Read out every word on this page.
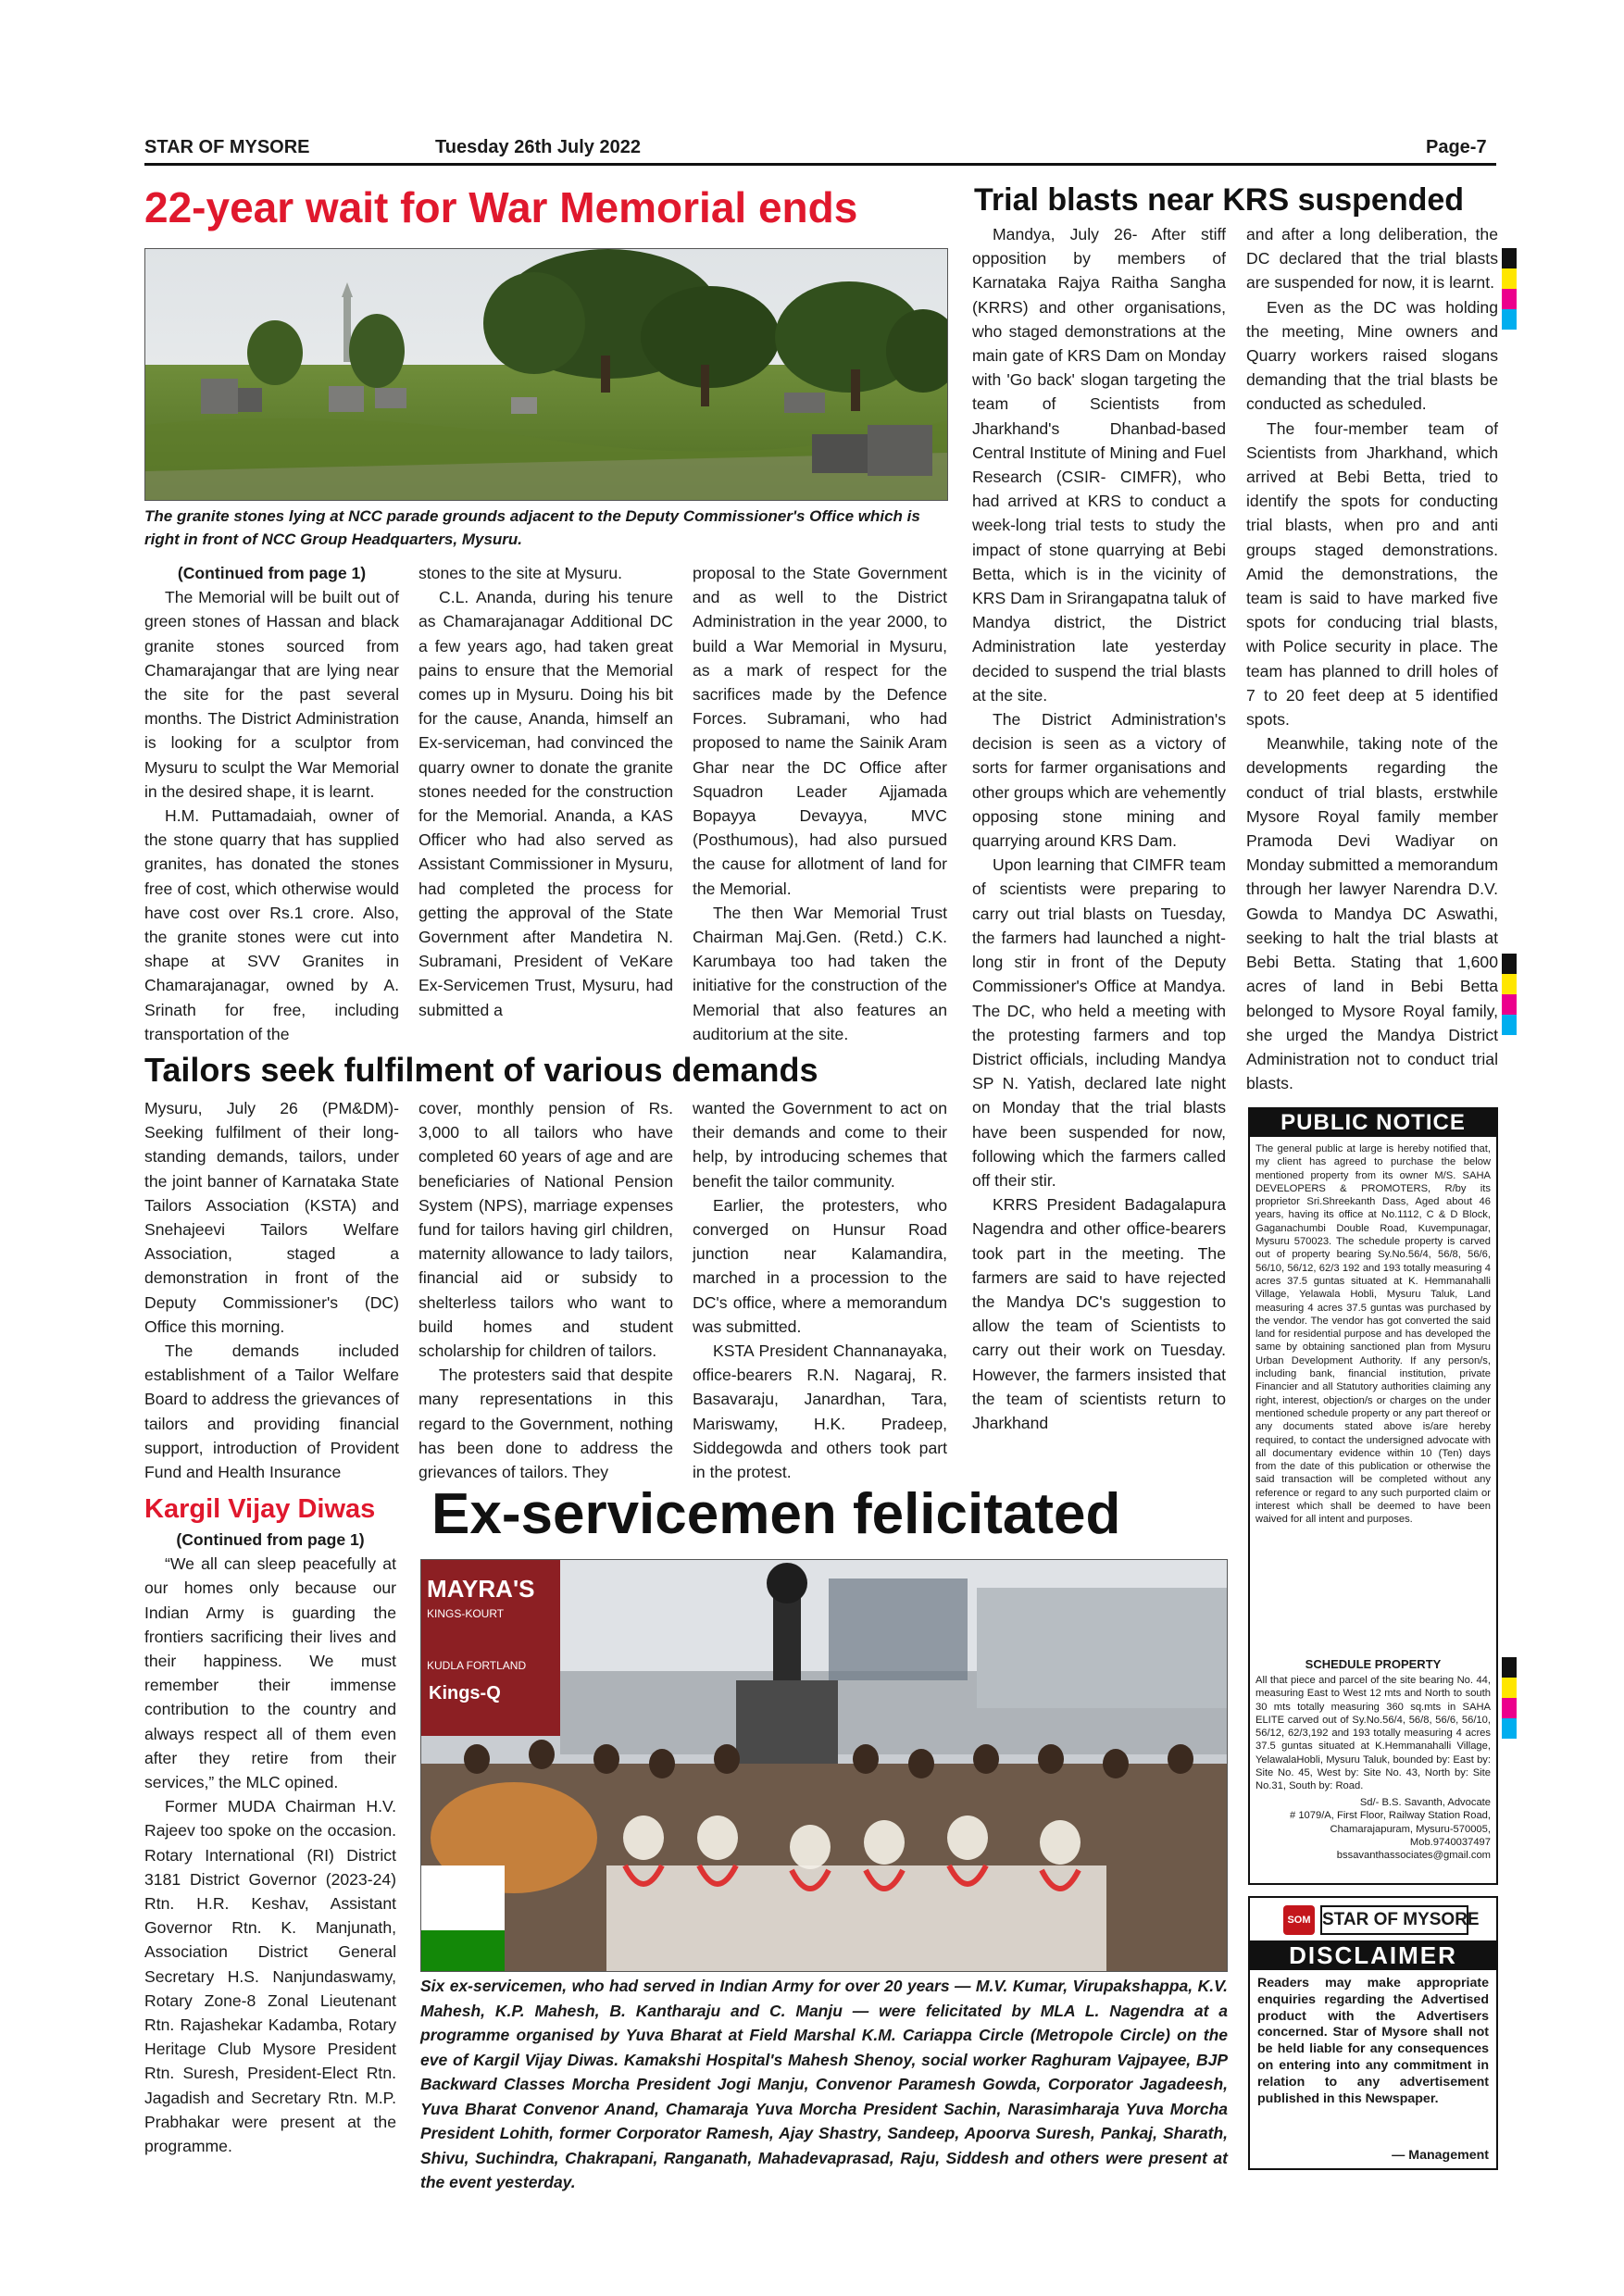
STAR OF MYSORE	Tuesday 26th July 2022	Page-7
22-year wait for War Memorial ends
The granite stones lying at NCC parade grounds adjacent to the Deputy Commissioner's Office which is right in front of NCC Group Headquarters, Mysuru.

(Continued from page 1)

The Memorial will be built out of green stones of Hassan and black granite stones sourced from Chamarajangar that are lying near the site for the past several months. The District Administration is looking for a sculptor from Mysuru to sculpt the War Memorial in the desired shape, it is learnt.

H.M. Puttamadaiah, owner of the stone quarry that has supplied granites, has donated the stones free of cost, which otherwise would have cost over Rs.1 crore. Also, the granite stones were cut into shape at SVV Granites in Chamarajanagar, owned by A. Srinath for free, including transportation of the

stones to the site at Mysuru.

C.L. Ananda, during his tenure as Chamarajanagar Additional DC a few years ago, had taken great pains to ensure that the Memorial comes up in Mysuru. Doing his bit for the cause, Ananda, himself an Ex-serviceman, had convinced the quarry owner to donate the granite stones needed for the construction for the Memorial. Ananda, a KAS Officer who had also served as Assistant Commissioner in Mysuru, had completed the process for getting the approval of the State Government after Mandetira N. Subramani, President of VeKare Ex-Servicemen Trust, Mysuru, had submitted a

proposal to the State Government and as well to the District Administration in the year 2000, to build a War Memorial in Mysuru, as a mark of respect for the sacrifices made by the Defence Forces. Subramani, who had proposed to name the Sainik Aram Ghar near the DC Office after Squadron Leader Ajjamada Bopayya Devayya, MVC (Posthumous), had also pursued the cause for allotment of land for the Memorial.

The then War Memorial Trust Chairman Maj.Gen. (Retd.) C.K. Karumbaya too had taken the initiative for the construction of the Memorial that also features an auditorium at the site.

Tailors seek fulfilment of various demands

Mysuru, July 26 (PM&DM)- Seeking fulfilment of their long-standing demands, tailors, under the joint banner of Karnataka State Tailors Association (KSTA) and Snehajeevi Tailors Welfare Association, staged a demonstration in front of the Deputy Commissioner's (DC) Office this morning.

The demands included establishment of a Tailor Welfare Board to address the grievances of tailors and providing financial support, introduction of Provident Fund and Health Insurance

cover, monthly pension of Rs. 3,000 to all tailors who have completed 60 years of age and are beneficiaries of National Pension System (NPS), marriage expenses fund for tailors having girl children, maternity allowance to lady tailors, financial aid or subsidy to shelterless tailors who want to build homes and student scholarship for children of tailors.

The protesters said that despite many representations in this regard to the Government, nothing has been done to address the grievances of tailors. They

wanted the Government to act on their demands and come to their help, by introducing schemes that benefit the tailor community.

Earlier, the protesters, who converged on Hunsur Road junction near Kalamandira, marched in a procession to the DC's office, where a memorandum was submitted.

KSTA President Channanayaka, office-bearers R.N. Nagaraj, R. Basavaraju, Janardhan, Tara, Mariswamy, H.K. Pradeep, Siddegowda and others took part in the protest.

Kargil Vijay Diwas

(Continued from page 1)

“We all can sleep peacefully at our homes only because our Indian Army is guarding the frontiers sacrificing their lives and their happiness. We must remember their immense contribution to the country and always respect all of them even after they retire from their services,” the MLC opined.

Former MUDA Chairman H.V. Rajeev too spoke on the occasion. Rotary International (RI) District 3181 District Governor (2023-24) Rtn. H.R. Keshav, Assistant Governor Rtn. K. Manjunath, Association District General Secretary H.S. Nanjundaswamy, Rotary Zone-8 Zonal Lieutenant Rtn. Rajashekar Kadamba, Rotary Heritage Club Mysore President Rtn. Suresh, President-Elect Rtn. Jagadish and Secretary Rtn. M.P. Prabhakar were present at the programme.

Trial blasts near KRS suspended

Mandya, July 26- After stiff opposition by members of Karnataka Rajya Raitha Sangha (KRRS) and other organisations, who staged demonstrations at the main gate of KRS Dam on Monday with 'Go back' slogan targeting the team of Scientists from Jharkhand's Dhanbad-based Central Institute of Mining and Fuel Research (CSIR- CIMFR), who had arrived at KRS to conduct a week-long trial tests to study the impact of stone quarrying at Bebi Betta, which is in the vicinity of KRS Dam in Srirangapatna taluk of Mandya district, the District Administration late yesterday decided to suspend the trial blasts at the site.

The District Administration's decision is seen as a victory of sorts for farmer organisations and other groups which are vehemently opposing stone mining and quarrying around KRS Dam.

Upon learning that CIMFR team of scientists were preparing to carry out trial blasts on Tuesday, the farmers had launched a night-long stir in front of the Deputy Commissioner's Office at Mandya. The DC, who held a meeting with the protesting farmers and top District officials, including Mandya SP N. Yatish, declared late night on Monday that the trial blasts have been suspended for now, following which the farmers called off their stir.

KRRS President Badagalapura Nagendra and other office-bearers took part in the meeting. The farmers are said to have rejected the Mandya DC's suggestion to allow the team of Scientists to carry out their work on Tuesday. However, the farmers insisted that the team of scientists return to Jharkhand

and after a long deliberation, the DC declared that the trial blasts are suspended for now, it is learnt.

Even as the DC was holding the meeting, Mine owners and Quarry workers raised slogans demanding that the trial blasts be conducted as scheduled.

The four-member team of Scientists from Jharkhand, which arrived at Bebi Betta, tried to identify the spots for conducting trial blasts, when pro and anti groups staged demonstrations. Amid the demonstrations, the team is said to have marked five spots for conducing trial blasts, with Police security in place. The team has planned to drill holes of 7 to 20 feet deep at 5 identified spots.

Meanwhile, taking note of the developments regarding the conduct of trial blasts, erstwhile Mysore Royal family member Pramoda Devi Wadiyar on Monday submitted a memorandum through her lawyer Narendra D.V. Gowda to Mandya DC Aswathi, seeking to halt the trial blasts at Bebi Betta. Stating that 1,600 acres of land in Bebi Betta belonged to Mysore Royal family, she urged the Mandya District Administration not to conduct trial blasts.

Ex-servicemen felicitated
MAYRA'S
KINGS-KOURT
KUDLA FORTLAND
Kings-Q
Six ex-servicemen, who had served in Indian Army for over 20 years — M.V. Kumar, Virupakshappa, K.V. Mahesh, K.P. Mahesh, B. Kantharaju and C. Manju — were felicitated by MLA L. Nagendra at a programme organised by Yuva Bharat at Field Marshal K.M. Cariappa Circle (Metropole Circle) on the eve of Kargil Vijay Diwas. Kamakshi Hospital's Mahesh Shenoy, social worker Raghuram Vajpayee, BJP Backward Classes Morcha President Jogi Manju, Convenor Paramesh Gowda, Corporator Jagadeesh, Yuva Bharat Convenor Anand, Chamaraja Yuva Morcha President Sachin, Narasimharaja Yuva Morcha President Lohith, former Corporator Ramesh, Ajay Shastry, Sandeep, Apoorva Suresh, Pankaj, Sharath, Shivu, Suchindra, Chakrapani, Ranganath, Mahadevaprasad, Raju, Siddesh and others were present at the event yesterday.
PUBLIC NOTICE
The general public at large is hereby notified that, my client has agreed to purchase the below mentioned property from its owner M/S. SAHA DEVELOPERS & PROMOTERS, R/by its proprietor Sri.Shreekanth Dass, Aged about 46 years, having its office at No.1112, C & D Block, Gaganachumbi Double Road, Kuvempunagar, Mysuru 570023. The schedule property is carved out of property bearing Sy.No.56/4, 56/8, 56/6, 56/10, 56/12, 62/3 192 and 193 totally measuring 4 acres 37.5 guntas situated at K. Hemmanahalli Village, Yelawala Hobli, Mysuru Taluk, Land measuring 4 acres 37.5 guntas was purchased by the vendor. The vendor has got converted the said land for residential purpose and has developed the same by obtaining sanctioned plan from Mysuru Urban Development Authority. If any person/s, including bank, financial institution, private Financier and all Statutory authorities claiming any right, interest, objection/s or charges on the under mentioned schedule property or any part thereof or any documents stated above is/are hereby required, to contact the undersigned advocate with all documentary evidence within 10 (Ten) days from the date of this publication or otherwise the said transaction will be completed without any reference or regard to any such purported claim or interest which shall be deemed to have been waived for all intent and purposes.
SCHEDULE PROPERTY
All that piece and parcel of the site bearing No. 44, measuring East to West 12 mts and North to south 30 mts totally measuring 360 sq.mts in SAHA ELITE carved out of Sy.No.56/4, 56/8, 56/6, 56/10, 56/12, 62/3,192 and 193 totally measuring 4 acres 37.5 guntas situated at K.Hemmanahalli Village, YelawalaHobli, Mysuru Taluk, bounded by: East by: Site No. 45, West by: Site No. 43, North by: Site No.31, South by: Road.
Sd/- B.S. Savanth, Advocate
# 1079/A, First Floor, Railway Station Road, Chamarajapuram, Mysuru-570005, Mob.9740037497
bssavanthassociates@gmail.com
SOM STAR OF MYSORE
DISCLAIMER
Readers may make appropriate enquiries regarding the Advertised product with the Advertisers concerned. Star of Mysore shall not be held liable for any consequences on entering into any commitment in relation to any advertisement published in this Newspaper.
— Management
